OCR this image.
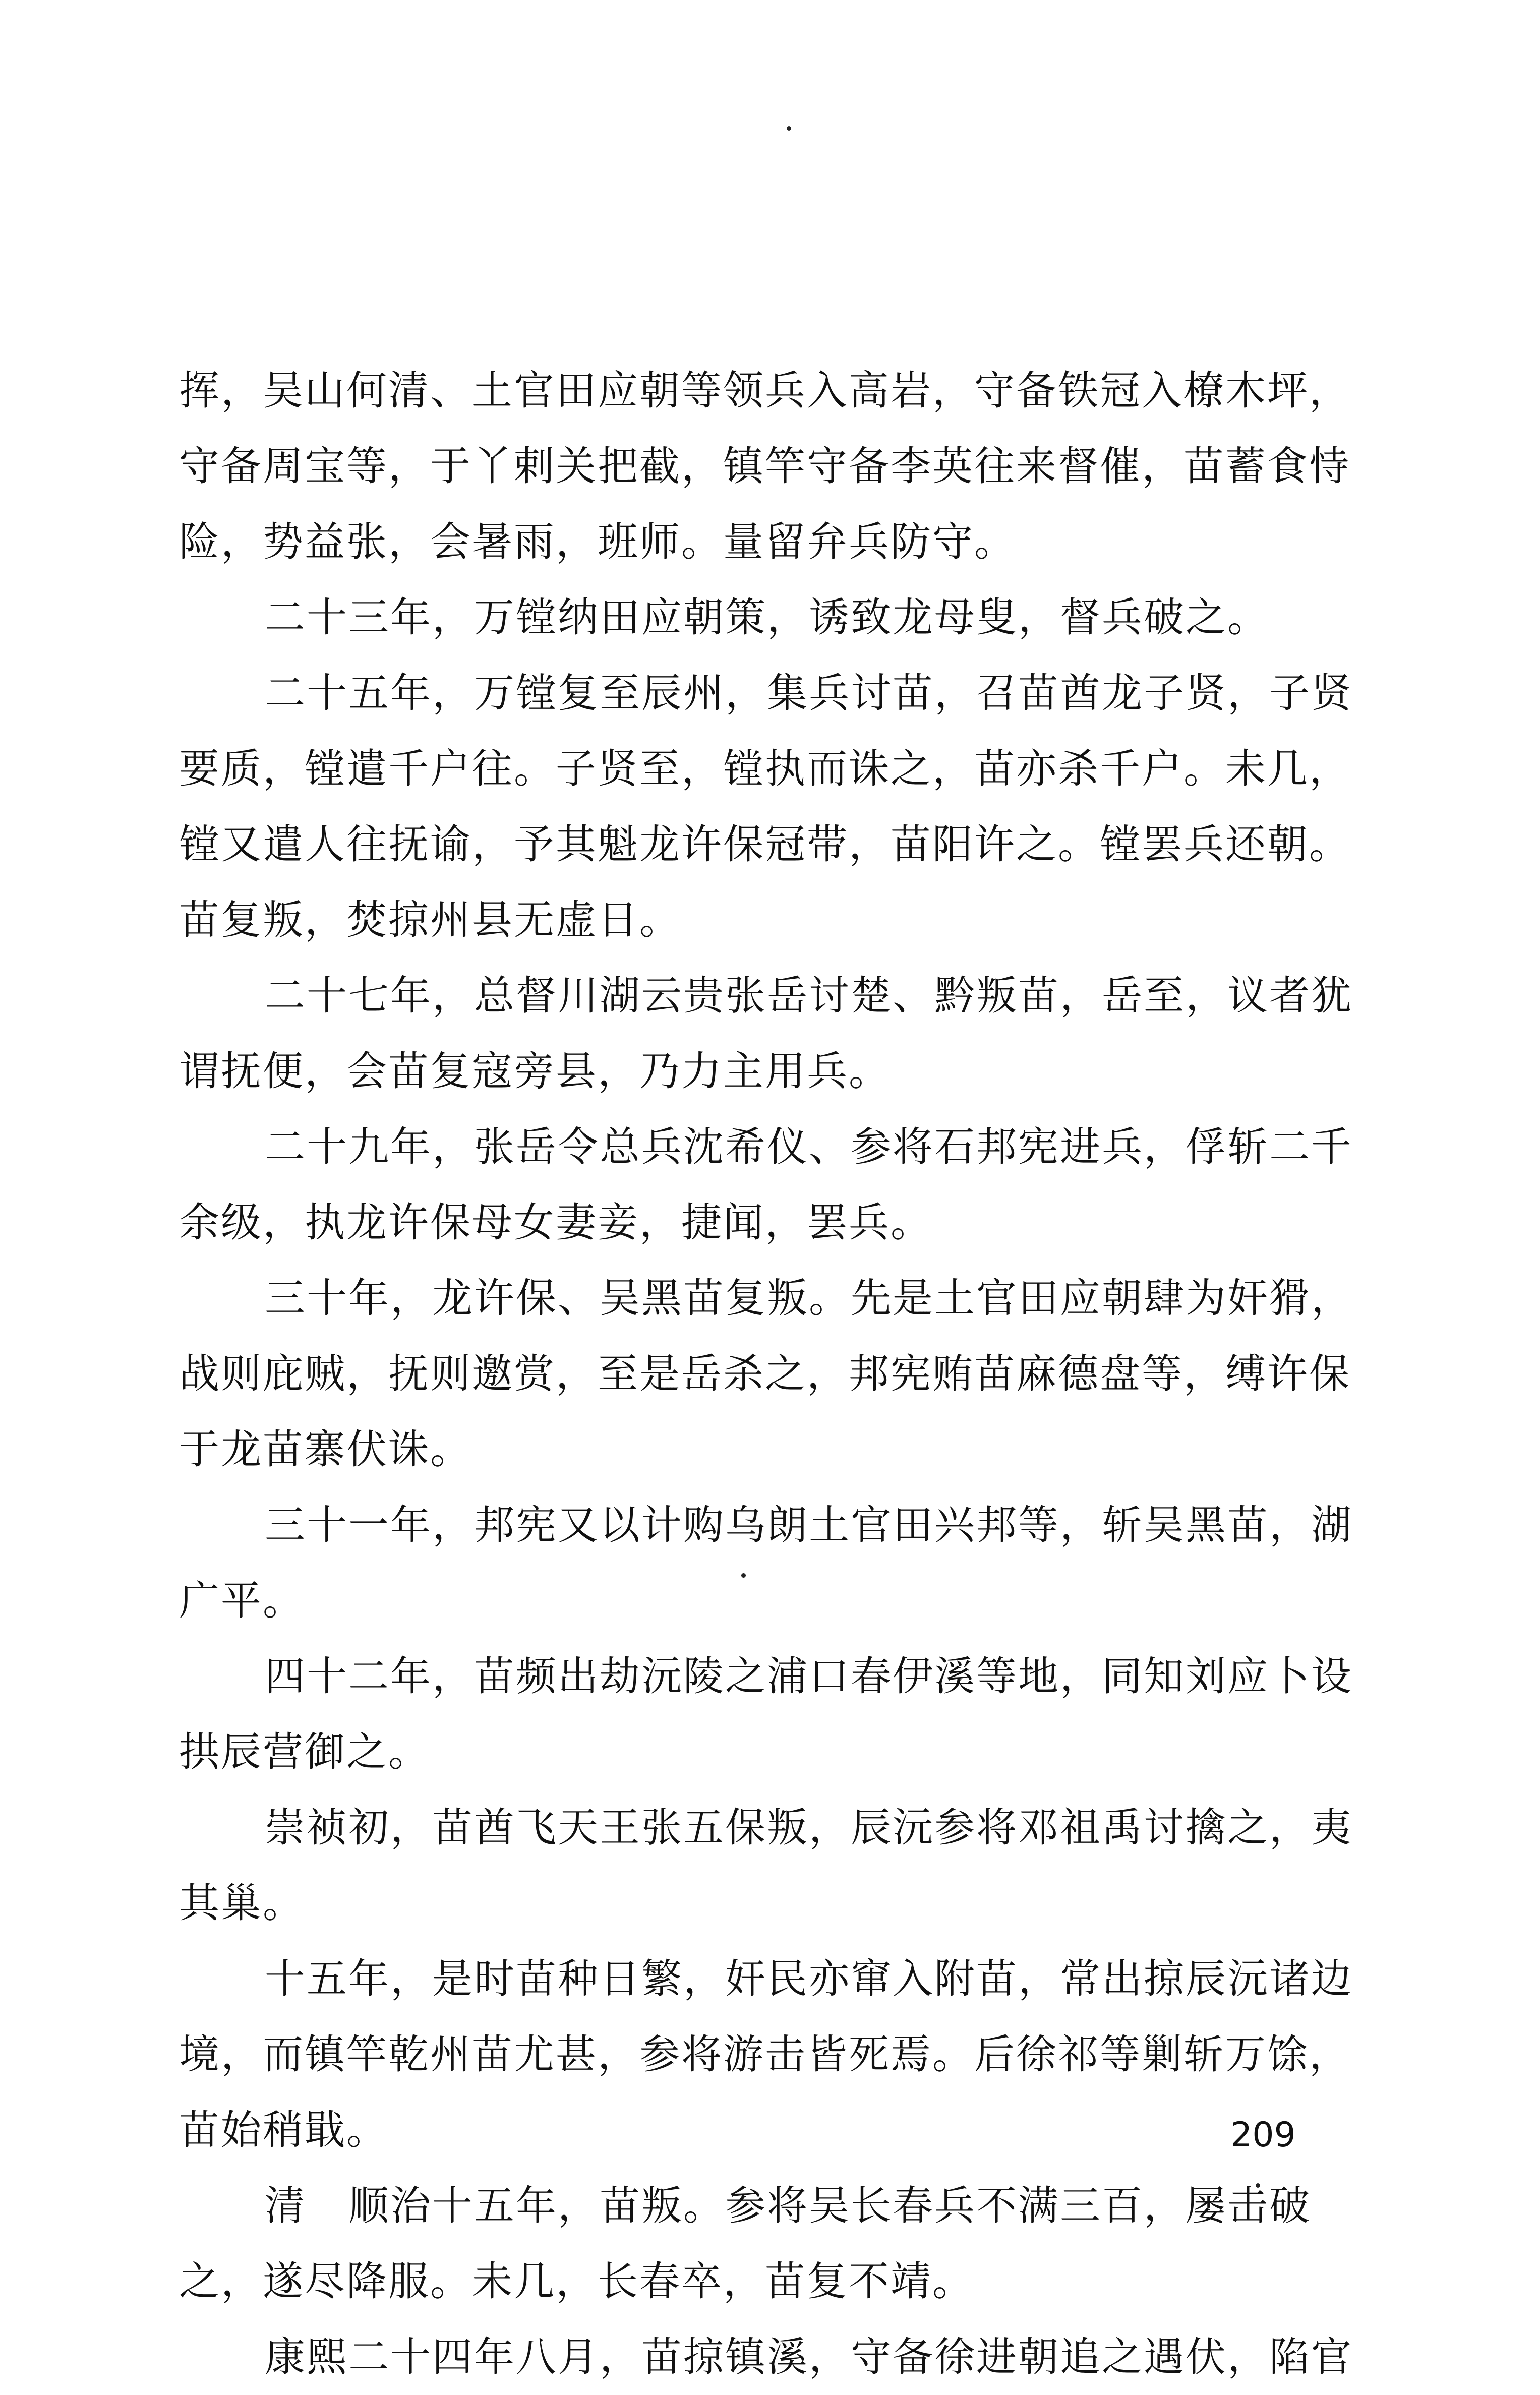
挥，吴山何清、土官田应朝等领兵入高岩，守备铁冠入橑木坪，
守备周宝等，于丫剌关把截，镇竿守备李英往来督催，苗蓄食恃
险，势益张，会暑雨，班师。量留弁兵防守。
二十三年，万镗纳田应朝策，诱致龙母叟，督兵破之。
二十五年，万镗复至辰州，集兵讨苗，召苗酋龙子贤，子贤
要质，镗遣千户往。子贤至，镗执而诛之，苗亦杀千户。未几，
镗又遣人往抚谕，予其魁龙许保冠带，苗阳许之。镗罢兵还朝。
苗复叛，焚掠州县无虚日。
二十七年，总督川湖云贵张岳讨楚、黔叛苗，岳至，议者犹
谓抚便，会苗复寇旁县，乃力主用兵。
二十九年，张岳令总兵沈希仪、参将石邦宪进兵，俘斩二千
余级，执龙许保母女妻妾，捷闻，罢兵。
三十年，龙许保、吴黑苗复叛。先是土官田应朝肆为奸猾，
战则庇贼，抚则邀赏，至是岳杀之，邦宪贿苗麻德盘等，缚许保
于龙苗寨伏诛。
三十一年，邦宪又以计购乌朗土官田兴邦等，斩吴黑苗，湖
广平。
四十二年，苗频出劫沅陵之浦口春伊溪等地，同知刘应卜设
拱辰营御之。
崇祯初，苗酋飞天王张五保叛，辰沅参将邓祖禹讨擒之，夷
其巢。
十五年，是时苗种日繁，奸民亦窜入附苗，常出掠辰沅诸边
境，而镇竿乾州苗尤甚，参将游击皆死焉。后徐祁等剿斩万馀，
苗始稍戢。
清　顺治十五年，苗叛。参将吴长春兵不满三百，屡击破
之，遂尽降服。未几，长春卒，苗复不靖。
康熙二十四年八月，苗掠镇溪，守备徐进朝追之遇伏，陷官
209
